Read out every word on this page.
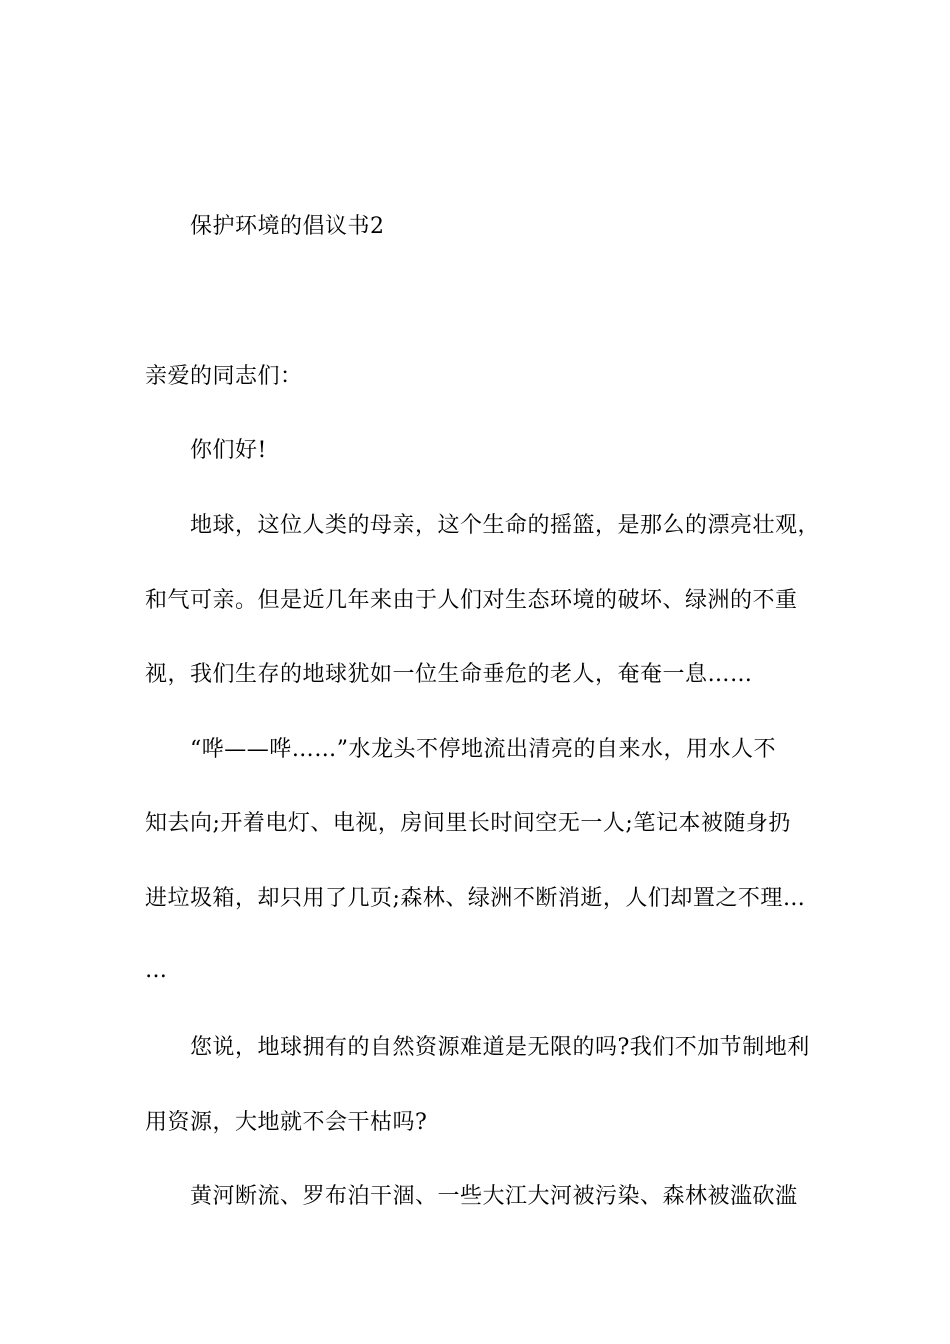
保护环境的倡议书2
亲爱的同志们：
你们好!
地球，这位人类的母亲，这个生命的摇篮，是那么的漂亮壮观，
和气可亲。但是近几年来由于人们对生态环境的破坏、绿洲的不重
视，我们生存的地球犹如一位生命垂危的老人，奄奄一息……
“哗——哗……”水龙头不停地流出清亮的自来水，用水人不
知去向;开着电灯、电视，房间里长时间空无一人;笔记本被随身扔
进垃圾箱，却只用了几页;森林、绿洲不断消逝，人们却置之不理…
…
您说，地球拥有的自然资源难道是无限的吗?我们不加节制地利
用资源，大地就不会干枯吗?
黄河断流、罗布泊干涸、一些大江大河被污染、森林被滥砍滥
